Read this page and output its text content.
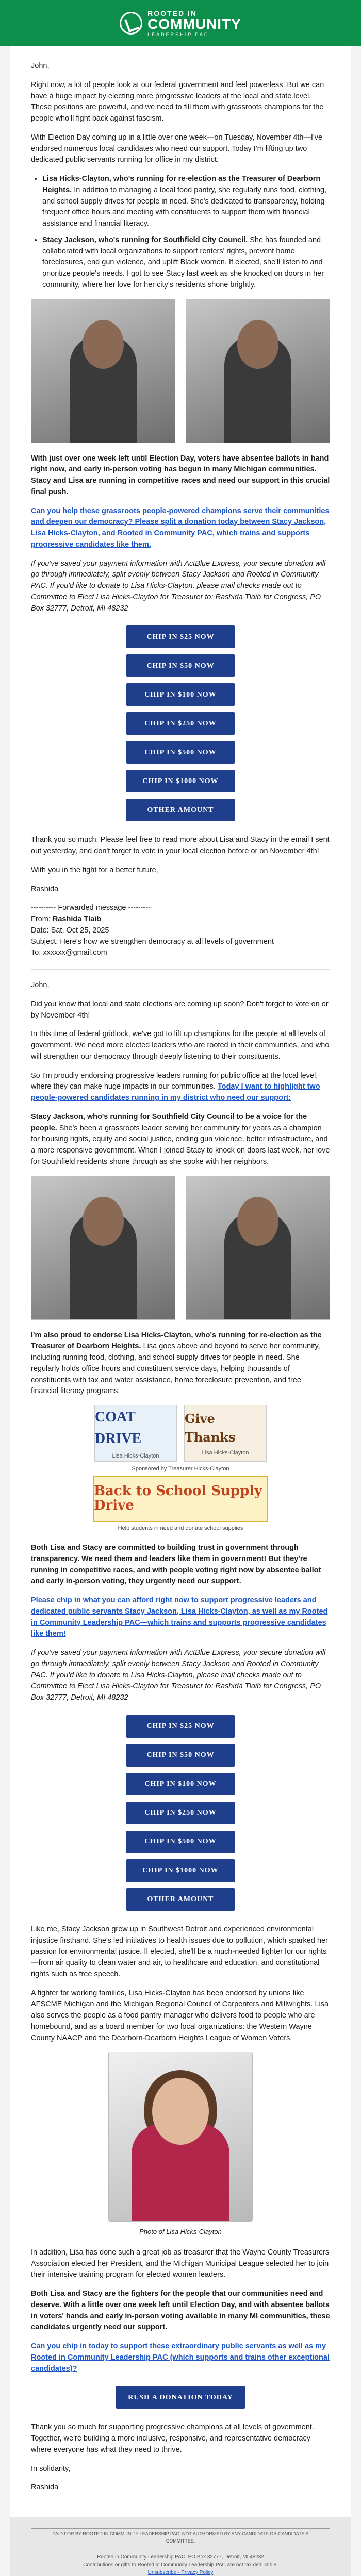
ROOTED IN
COMMUNITY
LEADERSHIP PAC

John,

Right now, a lot of people look at our federal government and feel powerless. But we can have a huge impact by electing more progressive leaders at the local and state level. These positions are powerful, and we need to fill them with grassroots champions for the people who'll fight back against fascism.

With Election Day coming up in a little over one week—on Tuesday, November 4th—I've endorsed numerous local candidates who need our support. Today I'm lifting up two dedicated public servants running for office in my district:

• Lisa Hicks-Clayton, who's running for re-election as the Treasurer of Dearborn Heights. In addition to managing a local food pantry, she regularly runs food, clothing, and school supply drives for people in need. She's dedicated to transparency, holding frequent office hours and meeting with constituents to support them with financial assistance and financial literacy.
• Stacy Jackson, who's running for Southfield City Council. She has founded and collaborated with local organizations to support renters' rights, prevent home foreclosures, end gun violence, and uplift Black women. If elected, she'll listen to and prioritize people's needs. I got to see Stacy last week as she knocked on doors in her community, where her love for her city's residents shone brightly.

With just over one week left until Election Day, voters have absentee ballots in hand right now, and early in-person voting has begun in many Michigan communities. Stacy and Lisa are running in competitive races and need our support in this crucial final push.

Can you help these grassroots people-powered champions serve their communities and deepen our democracy? Please split a donation today between Stacy Jackson, Lisa Hicks-Clayton, and Rooted in Community PAC, which trains and supports progressive candidates like them.

If you've saved your payment information with ActBlue Express, your secure donation will go through immediately, split evenly between Stacy Jackson and Rooted in Community PAC. If you'd like to donate to Lisa Hicks-Clayton, please mail checks made out to Committee to Elect Lisa Hicks-Clayton for Treasurer to: Rashida Tlaib for Congress, PO Box 32777, Detroit, MI 48232

CHIP IN $25 NOW
CHIP IN $50 NOW
CHIP IN $100 NOW
CHIP IN $250 NOW
CHIP IN $500 NOW
CHIP IN $1000 NOW
OTHER AMOUNT

Thank you so much. Please feel free to read more about Lisa and Stacy in the email I sent out yesterday, and don't forget to vote in your local election before or on November 4th!

With you in the fight for a better future,

Rashida

---------- Forwarded message ---------
From: Rashida Tlaib
Date: Sat, Oct 25, 2025
Subject: Here's how we strengthen democracy at all levels of government
To: xxxxxx@gmail.com

John,

Did you know that local and state elections are coming up soon? Don't forget to vote on or by November 4th!

In this time of federal gridlock, we've got to lift up champions for the people at all levels of government. We need more elected leaders who are rooted in their communities, and who will strengthen our democracy through deeply listening to their constituents.

So I'm proudly endorsing progressive leaders running for public office at the local level, where they can make huge impacts in our communities. Today I want to highlight two people-powered candidates running in my district who need our support:

Stacy Jackson, who's running for Southfield City Council to be a voice for the people. She's been a grassroots leader serving her community for years as a champion for housing rights, equity and social justice, ending gun violence, better infrastructure, and a more responsive government. When I joined Stacy to knock on doors last week, her love for Southfield residents shone through as she spoke with her neighbors.

I'm also proud to endorse Lisa Hicks-Clayton, who's running for re-election as the Treasurer of Dearborn Heights. Lisa goes above and beyond to serve her community, including running food, clothing, and school supply drives for people in need. She regularly holds office hours and constituent service days, helping thousands of constituents with tax and water assistance, home foreclosure prevention, and free financial literacy programs.

COAT DRIVE
Lisa Hicks-Clayton
Give Thanks
Lisa Hicks-Clayton
Sponsored by Treasurer Hicks-Clayton
Back to School Supply Drive
Help students in need and donate school supplies

Both Lisa and Stacy are committed to building trust in government through transparency. We need them and leaders like them in government! But they're running in competitive races, and with people voting right now by absentee ballot and early in-person voting, they urgently need our support.

Please chip in what you can afford right now to support progressive leaders and dedicated public servants Stacy Jackson, Lisa Hicks-Clayton, as well as my Rooted in Community Leadership PAC—which trains and supports progressive candidates like them!

If you've saved your payment information with ActBlue Express, your secure donation will go through immediately, split evenly between Stacy Jackson and Rooted in Community PAC. If you'd like to donate to Lisa Hicks-Clayton, please mail checks made out to Committee to Elect Lisa Hicks-Clayton for Treasurer to: Rashida Tlaib for Congress, PO Box 32777, Detroit, MI 48232

CHIP IN $25 NOW
CHIP IN $50 NOW
CHIP IN $100 NOW
CHIP IN $250 NOW
CHIP IN $500 NOW
CHIP IN $1000 NOW
OTHER AMOUNT

Like me, Stacy Jackson grew up in Southwest Detroit and experienced environmental injustice firsthand. She's led initiatives to health issues due to pollution, which sparked her passion for environmental justice. If elected, she'll be a much-needed fighter for our rights—from air quality to clean water and air, to healthcare and education, and constitutional rights such as free speech.

A fighter for working families, Lisa Hicks-Clayton has been endorsed by unions like AFSCME Michigan and the Michigan Regional Council of Carpenters and Millwrights. Lisa also serves the people as a food pantry manager who delivers food to people who are homebound, and as a board member for two local organizations: the Western Wayne County NAACP and the Dearborn-Dearborn Heights League of Women Voters.

Photo of Lisa Hicks-Clayton

In addition, Lisa has done such a great job as treasurer that the Wayne County Treasurers Association elected her President, and the Michigan Municipal League selected her to join their intensive training program for elected women leaders.

Both Lisa and Stacy are the fighters for the people that our communities need and deserve. With a little over one week left until Election Day, and with absentee ballots in voters' hands and early in-person voting available in many MI communities, these candidates urgently need our support.

Can you chip in today to support these extraordinary public servants as well as my Rooted in Community Leadership PAC (which supports and trains other exceptional candidates)?

RUSH A DONATION TODAY

Thank you so much for supporting progressive champions at all levels of government. Together, we're building a more inclusive, responsive, and representative democracy where everyone has what they need to thrive.

In solidarity,

Rashida

PAID FOR BY ROOTED IN COMMUNITY LEADERSHIP PAC. NOT AUTHORIZED BY ANY CANDIDATE OR CANDIDATE'S COMMITTEE.
Rooted in Community Leadership PAC, PO Box 32777, Detroit, MI 48232
Contributions or gifts to Rooted in Community Leadership PAC are not tax deductible.
Unsubscribe · Privacy Policy
